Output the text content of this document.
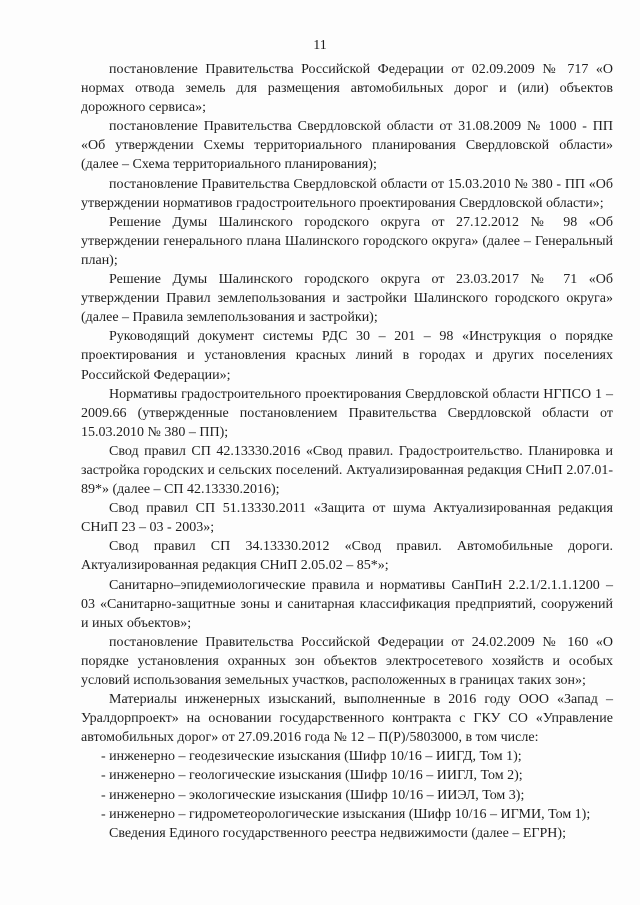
11

постановление Правительства Российской Федерации от 02.09.2009 № 717 «О нормах отвода земель для размещения автомобильных дорог и (или) объектов дорожного сервиса»;

постановление Правительства Свердловской области от 31.08.2009 № 1000 - ПП «Об утверждении Схемы территориального планирования Свердловской области» (далее – Схема территориального планирования);

постановление Правительства Свердловской области от 15.03.2010 № 380 - ПП «Об утверждении нормативов градостроительного проектирования Свердловской области»;

Решение Думы Шалинского городского округа от 27.12.2012 № 98 «Об утверждении генерального плана Шалинского городского округа» (далее – Генеральный план);

Решение Думы Шалинского городского округа от 23.03.2017 № 71 «Об утверждении Правил землепользования и застройки Шалинского городского округа» (далее – Правила землепользования и застройки);

Руководящий документ системы РДС 30 – 201 – 98 «Инструкция о порядке проектирования и установления красных линий в городах и других поселениях Российской Федерации»;

Нормативы градостроительного проектирования Свердловской области НГПСО 1 – 2009.66 (утвержденные постановлением Правительства Свердловской области от 15.03.2010 № 380 – ПП);

Свод правил СП 42.13330.2016 «Свод правил. Градостроительство. Планировка и застройка городских и сельских поселений. Актуализированная редакция СНиП 2.07.01-89*» (далее – СП 42.13330.2016);

Свод правил СП 51.13330.2011 «Защита от шума Актуализированная редакция СНиП 23 – 03 - 2003»;

Свод правил СП 34.13330.2012 «Свод правил. Автомобильные дороги. Актуализированная редакция СНиП 2.05.02 – 85*»;

Санитарно–эпидемиологические правила и нормативы СанПиН 2.2.1/2.1.1.1200 – 03 «Санитарно-защитные зоны и санитарная классификация предприятий, сооружений и иных объектов»;

постановление Правительства Российской Федерации от 24.02.2009 № 160 «О порядке установления охранных зон объектов электросетевого хозяйств и особых условий использования земельных участков, расположенных в границах таких зон»;

Материалы инженерных изысканий, выполненные в 2016 году ООО «Запад – Уралдорпроект» на основании государственного контракта с ГКУ СО «Управление автомобильных дорог» от 27.09.2016 года № 12 – П(Р)/5803000, в том числе:

- инженерно – геодезические изыскания (Шифр 10/16 – ИИГД, Том 1);

- инженерно – геологические изыскания (Шифр 10/16 – ИИГЛ, Том 2);

- инженерно – экологические изыскания (Шифр 10/16 – ИИЭЛ, Том 3);

- инженерно – гидрометеорологические изыскания (Шифр 10/16 – ИГМИ, Том 1);

Сведения Единого государственного реестра недвижимости (далее – ЕГРН);
